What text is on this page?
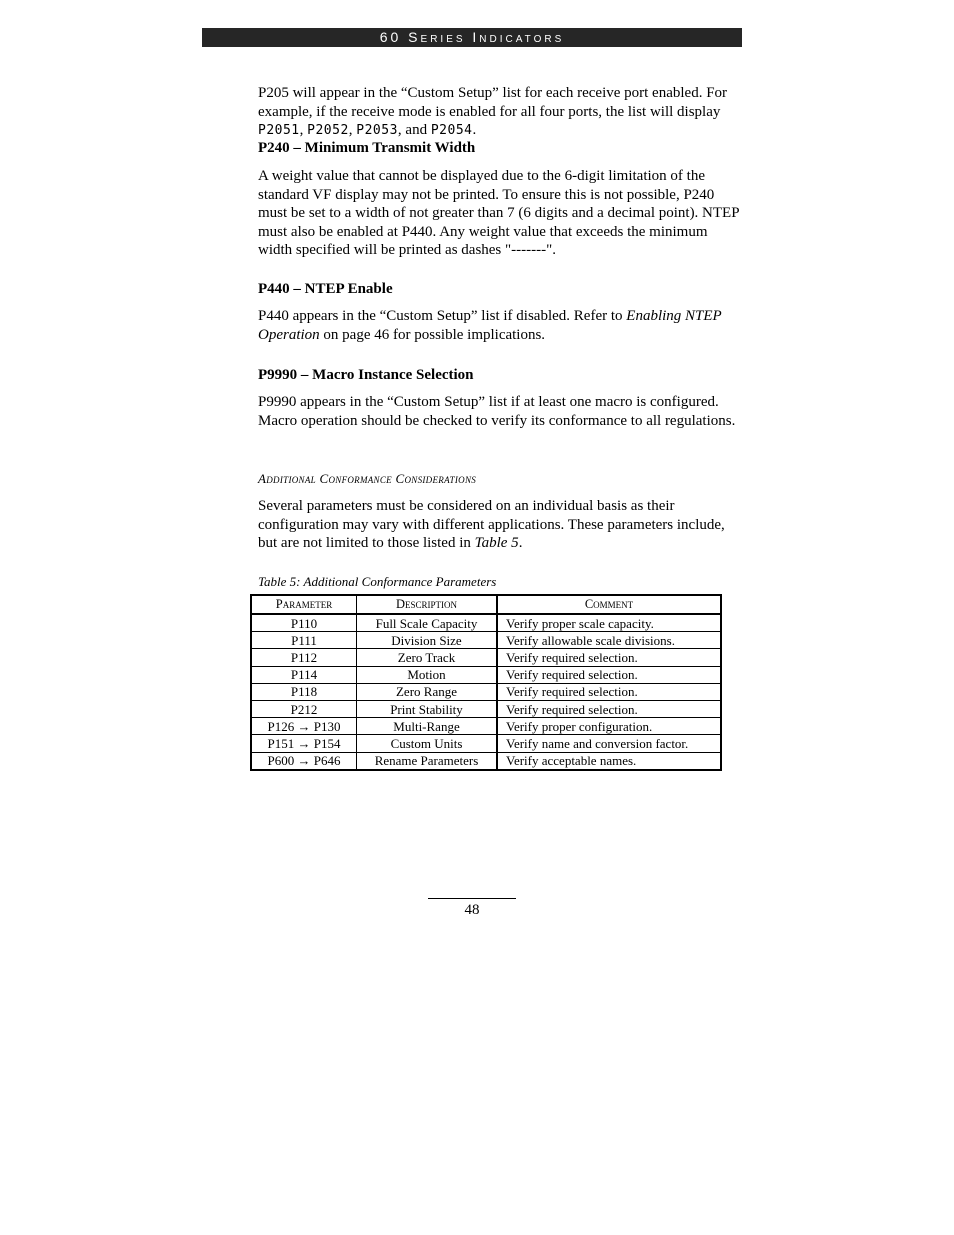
60 Series Indicators

P205 will appear in the “Custom Setup” list for each receive port enabled. For example, if the receive mode is enabled for all four ports, the list will display P2051, P2052, P2053, and P2054.

P240 – Minimum Transmit Width

A weight value that cannot be displayed due to the 6-digit limitation of the standard VF display may not be printed. To ensure this is not possible, P240 must be set to a width of not greater than 7 (6 digits and a decimal point). NTEP must also be enabled at P440. Any weight value that exceeds the minimum width specified will be printed as dashes "-------".

P440 – NTEP Enable

P440 appears in the “Custom Setup” list if disabled. Refer to Enabling NTEP Operation on page 46 for possible implications.

P9990 – Macro Instance Selection

P9990 appears in the “Custom Setup” list if at least one macro is configured. Macro operation should be checked to verify its conformance to all regulations.

Additional Conformance Considerations

Several parameters must be considered on an individual basis as their configuration may vary with different applications. These parameters include, but are not limited to those listed in Table 5.

Table 5: Additional Conformance Parameters
Parameter	Description	Comment
P110	Full Scale Capacity	Verify proper scale capacity.
P111	Division Size	Verify allowable scale divisions.
P112	Zero Track	Verify required selection.
P114	Motion	Verify required selection.
P118	Zero Range	Verify required selection.
P212	Print Stability	Verify required selection.
P126 → P130	Multi-Range	Verify proper configuration.
P151 → P154	Custom Units	Verify name and conversion factor.
P600 → P646	Rename Parameters	Verify acceptable names.
48
